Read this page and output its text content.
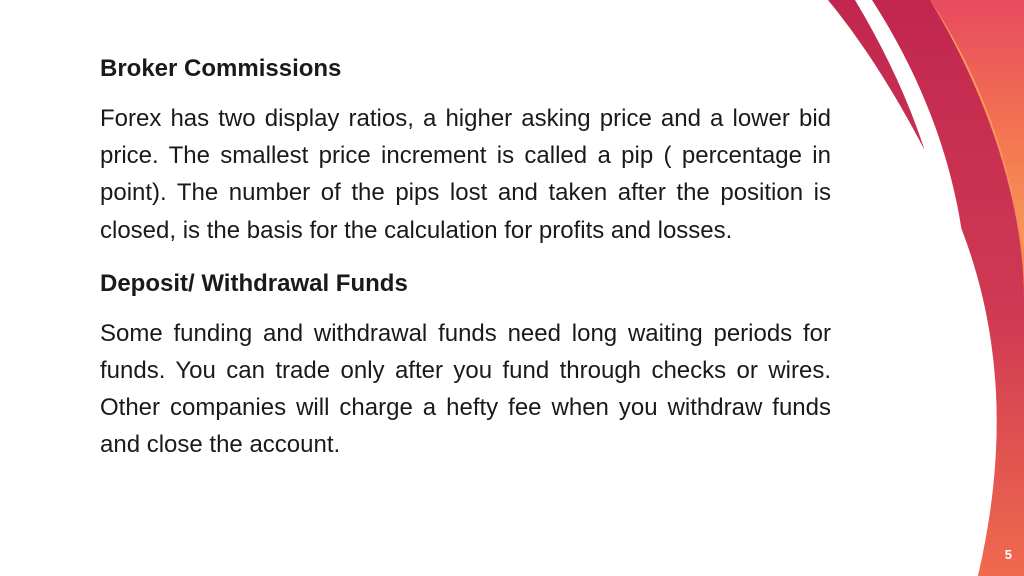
Broker Commissions

Forex has two display ratios, a higher asking price and a lower bid price. The smallest price increment is called a pip ( percentage in point). The number of the pips lost and taken after the position is closed, is the basis for the calculation for profits and losses.

Deposit/ Withdrawal Funds

Some funding and withdrawal funds need long waiting periods for funds. You can trade only after you fund through checks or wires. Other companies will charge a hefty fee when you withdraw funds and close the account.

5
